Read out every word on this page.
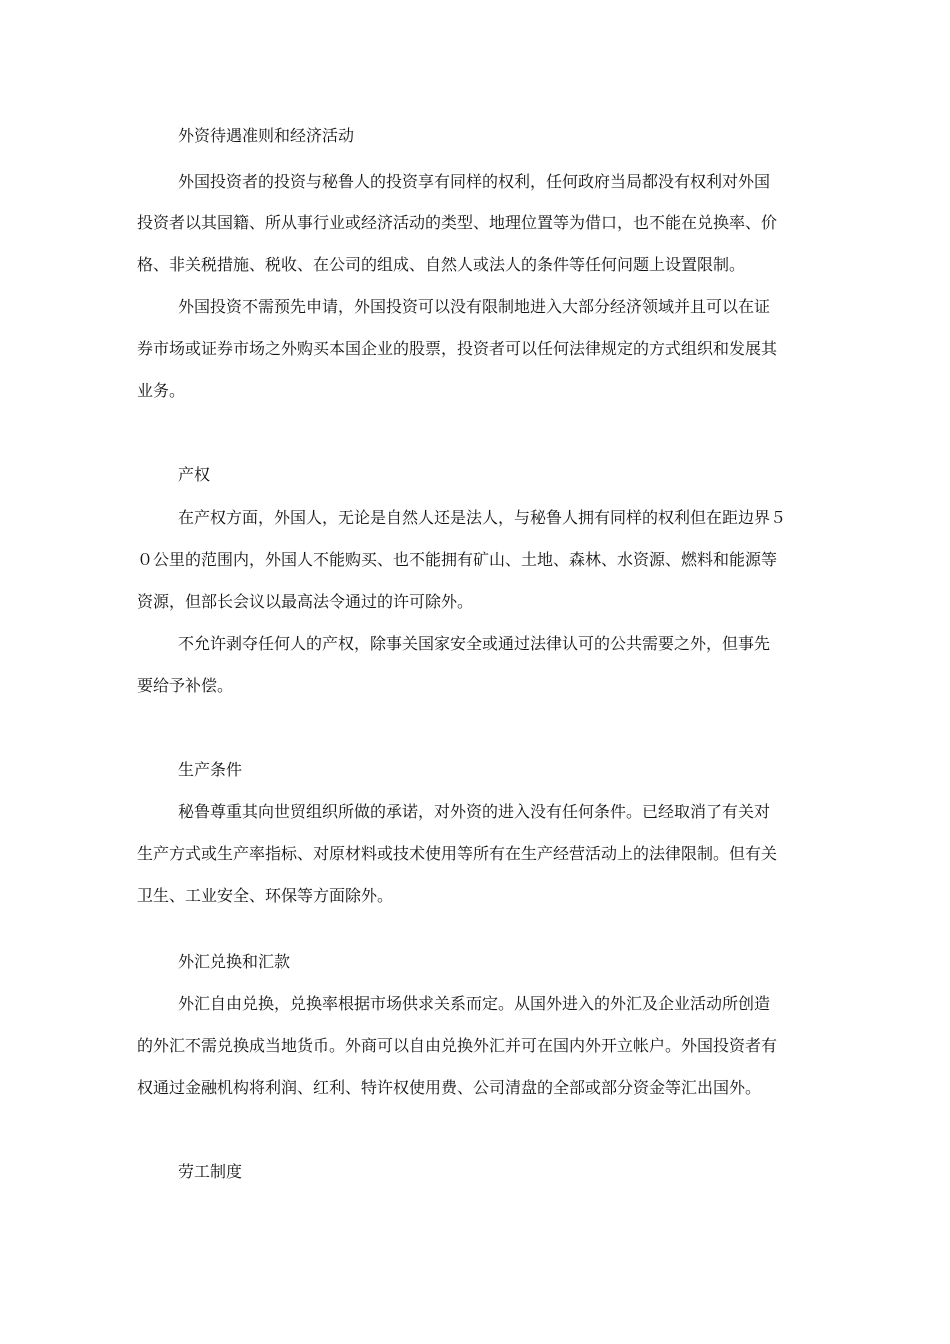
外资待遇准则和经济活动
外国投资者的投资与秘鲁人的投资享有同样的权利，任何政府当局都没有权利对外国
投资者以其国籍、所从事行业或经济活动的类型、地理位置等为借口，也不能在兑换率、价
格、非关税措施、税收、在公司的组成、自然人或法人的条件等任何问题上设置限制。
外国投资不需预先申请，外国投资可以没有限制地进入大部分经济领域并且可以在证
券市场或证券市场之外购买本国企业的股票，投资者可以任何法律规定的方式组织和发展其
业务。
产权
在产权方面，外国人，无论是自然人还是法人，与秘鲁人拥有同样的权利但在距边界５
０公里的范围内，外国人不能购买、也不能拥有矿山、土地、森林、水资源、燃料和能源等
资源，但部长会议以最高法令通过的许可除外。
不允许剥夺任何人的产权，除事关国家安全或通过法律认可的公共需要之外，但事先
要给予补偿。
生产条件
秘鲁尊重其向世贸组织所做的承诺，对外资的进入没有任何条件。已经取消了有关对
生产方式或生产率指标、对原材料或技术使用等所有在生产经营活动上的法律限制。但有关
卫生、工业安全、环保等方面除外。
外汇兑换和汇款
外汇自由兑换，兑换率根据市场供求关系而定。从国外进入的外汇及企业活动所创造
的外汇不需兑换成当地货币。外商可以自由兑换外汇并可在国内外开立帐户。外国投资者有
权通过金融机构将利润、红利、特许权使用费、公司清盘的全部或部分资金等汇出国外。
劳工制度
